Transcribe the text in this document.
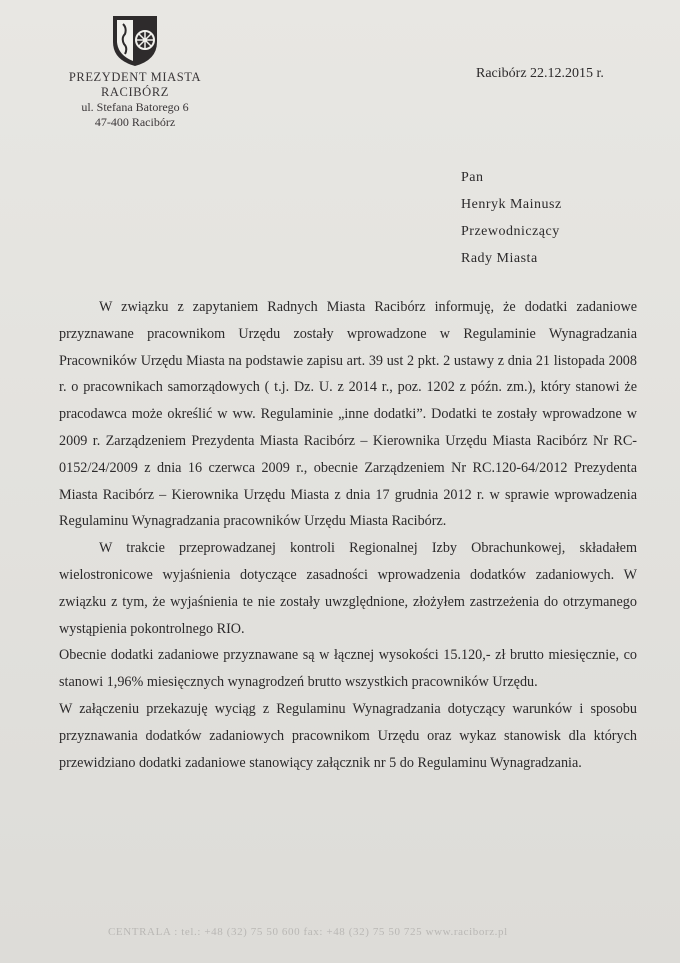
PREZYDENT MIASTA
RACIBÓRZ
ul. Stefana Batorego 6
47-400 Racibórz
Racibórz 22.12.2015 r.
Pan
Henryk Mainusz
Przewodniczący
Rady Miasta

W związku z zapytaniem Radnych Miasta Racibórz informuję, że dodatki zadaniowe przyznawane pracownikom Urzędu zostały wprowadzone w Regulaminie Wynagradzania Pracowników Urzędu Miasta na podstawie zapisu art. 39 ust 2 pkt. 2 ustawy z dnia 21 listopada 2008 r. o pracownikach samorządowych ( t.j. Dz. U. z 2014 r., poz. 1202 z późn. zm.), który stanowi że pracodawca może określić w ww. Regulaminie „inne dodatki”. Dodatki te zostały wprowadzone w 2009 r. Zarządzeniem Prezydenta Miasta Racibórz – Kierownika Urzędu Miasta Racibórz Nr RC-0152/24/2009 z dnia 16 czerwca 2009 r., obecnie Zarządzeniem Nr RC.120-64/2012 Prezydenta Miasta Racibórz – Kierownika Urzędu Miasta z dnia 17 grudnia 2012 r. w sprawie wprowadzenia Regulaminu Wynagradzania pracowników Urzędu Miasta Racibórz.

W trakcie przeprowadzanej kontroli Regionalnej Izby Obrachunkowej, składałem wielostronicowe wyjaśnienia dotyczące zasadności wprowadzenia dodatków zadaniowych. W związku z tym, że wyjaśnienia te nie zostały uwzględnione, złożyłem zastrzeżenia do otrzymanego wystąpienia pokontrolnego RIO.

Obecnie dodatki zadaniowe przyznawane są w łącznej wysokości 15.120,- zł brutto miesięcznie, co stanowi 1,96% miesięcznych wynagrodzeń brutto wszystkich pracowników Urzędu.

W załączeniu przekazuję wyciąg z Regulaminu Wynagradzania dotyczący warunków i sposobu przyznawania dodatków zadaniowych pracownikom Urzędu oraz wykaz stanowisk dla których przewidziano dodatki zadaniowe stanowiący załącznik nr 5 do Regulaminu Wynagradzania.

CENTRALA : tel.: +48 (32) 75 50 600 fax: +48 (32) 75 50 725 www.raciborz.pl
